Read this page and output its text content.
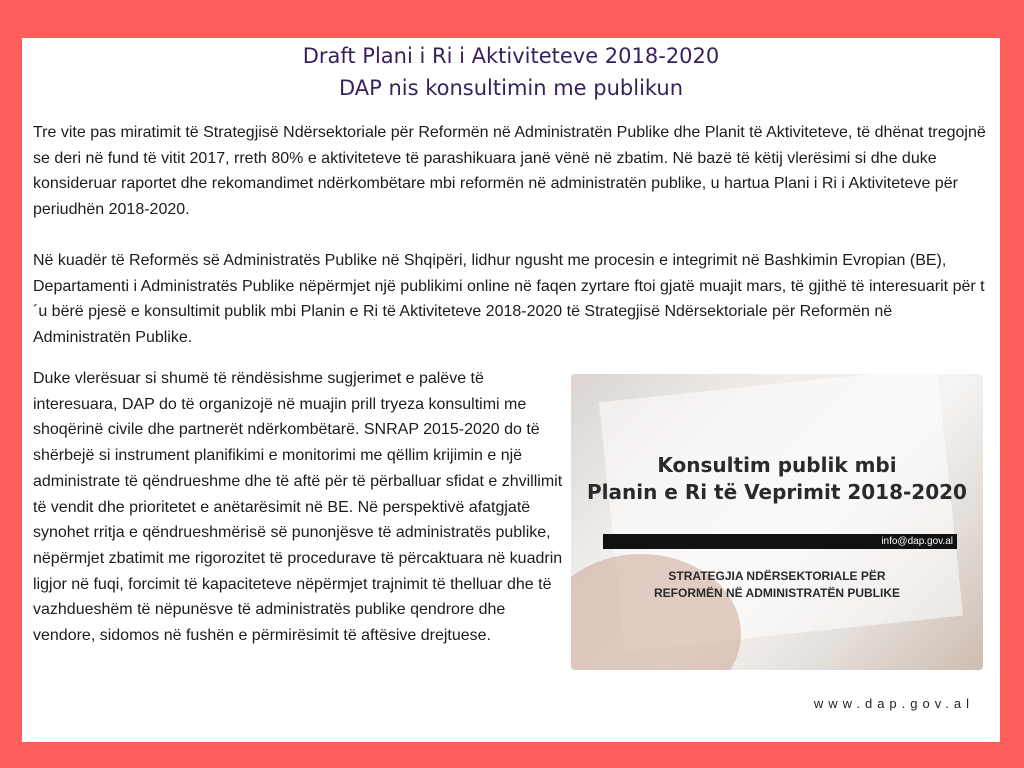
Draft Plani i Ri i Aktiviteteve 2018-2020
DAP nis konsultimin me publikun
Tre vite pas miratimit të Strategjisë Ndërsektoriale për Reformën në Administratën Publike dhe Planit të Aktiviteteve, të dhënat tregojnë se deri në fund të vitit 2017, rreth 80% e aktiviteteve të parashikuara janë vënë në zbatim. Në bazë të këtij vlerësimi si dhe duke konsideruar raportet dhe rekomandimet ndërkombëtare mbi reformën në administratën publike, u hartua Plani i Ri i Aktiviteteve për periudhën 2018-2020.
Në kuadër të Reformës së Administratës Publike në Shqipëri, lidhur ngusht me procesin e integrimit në Bashkimin Evropian (BE), Departamenti i Administratës Publike nëpërmjet një publikimi online në faqen zyrtare ftoi gjatë muajit mars, të gjithë të interesuarit për t´u bërë pjesë e konsultimit publik mbi Planin e Ri të Aktiviteteve 2018-2020 të Strategjisë Ndërsektoriale për Reformën në Administratën Publike.
Duke vlerësuar si shumë të rëndësishme sugjerimet e palëve të interesuara, DAP do të organizojë në muajin prill tryeza konsultimi me shoqërinë civile dhe partnerët ndërkombëtarë. SNRAP 2015-2020 do të shërbejë si instrument planifikimi e monitorimi me qëllim krijimin e një administrate të qëndrueshme dhe të aftë për të përballuar sfidat e zhvillimit të vendit dhe prioritetet e anëtarësimit në BE. Në perspektivë afatgjatë synohet rritja e qëndrueshmërisë së punonjësve të administratës publike, nëpërmjet zbatimit me rigorozitet të procedurave të përcaktuara në kuadrin ligjor në fuqi, forcimit të kapaciteteve nëpërmjet trajnimit të thelluar dhe të vazhdueshëm të nëpunësve të administratës publike qendrore dhe vendore, sidomos në fushën e përmirësimit të aftësive drejtuese.
Konsultim publik mbi
Planin e Ri të Veprimit 2018-2020
info@dap.gov.al
STRATEGJIA NDËRSEKTORIALE PËR
REFORMËN NË ADMINISTRATËN PUBLIKE
www.dap.gov.al
